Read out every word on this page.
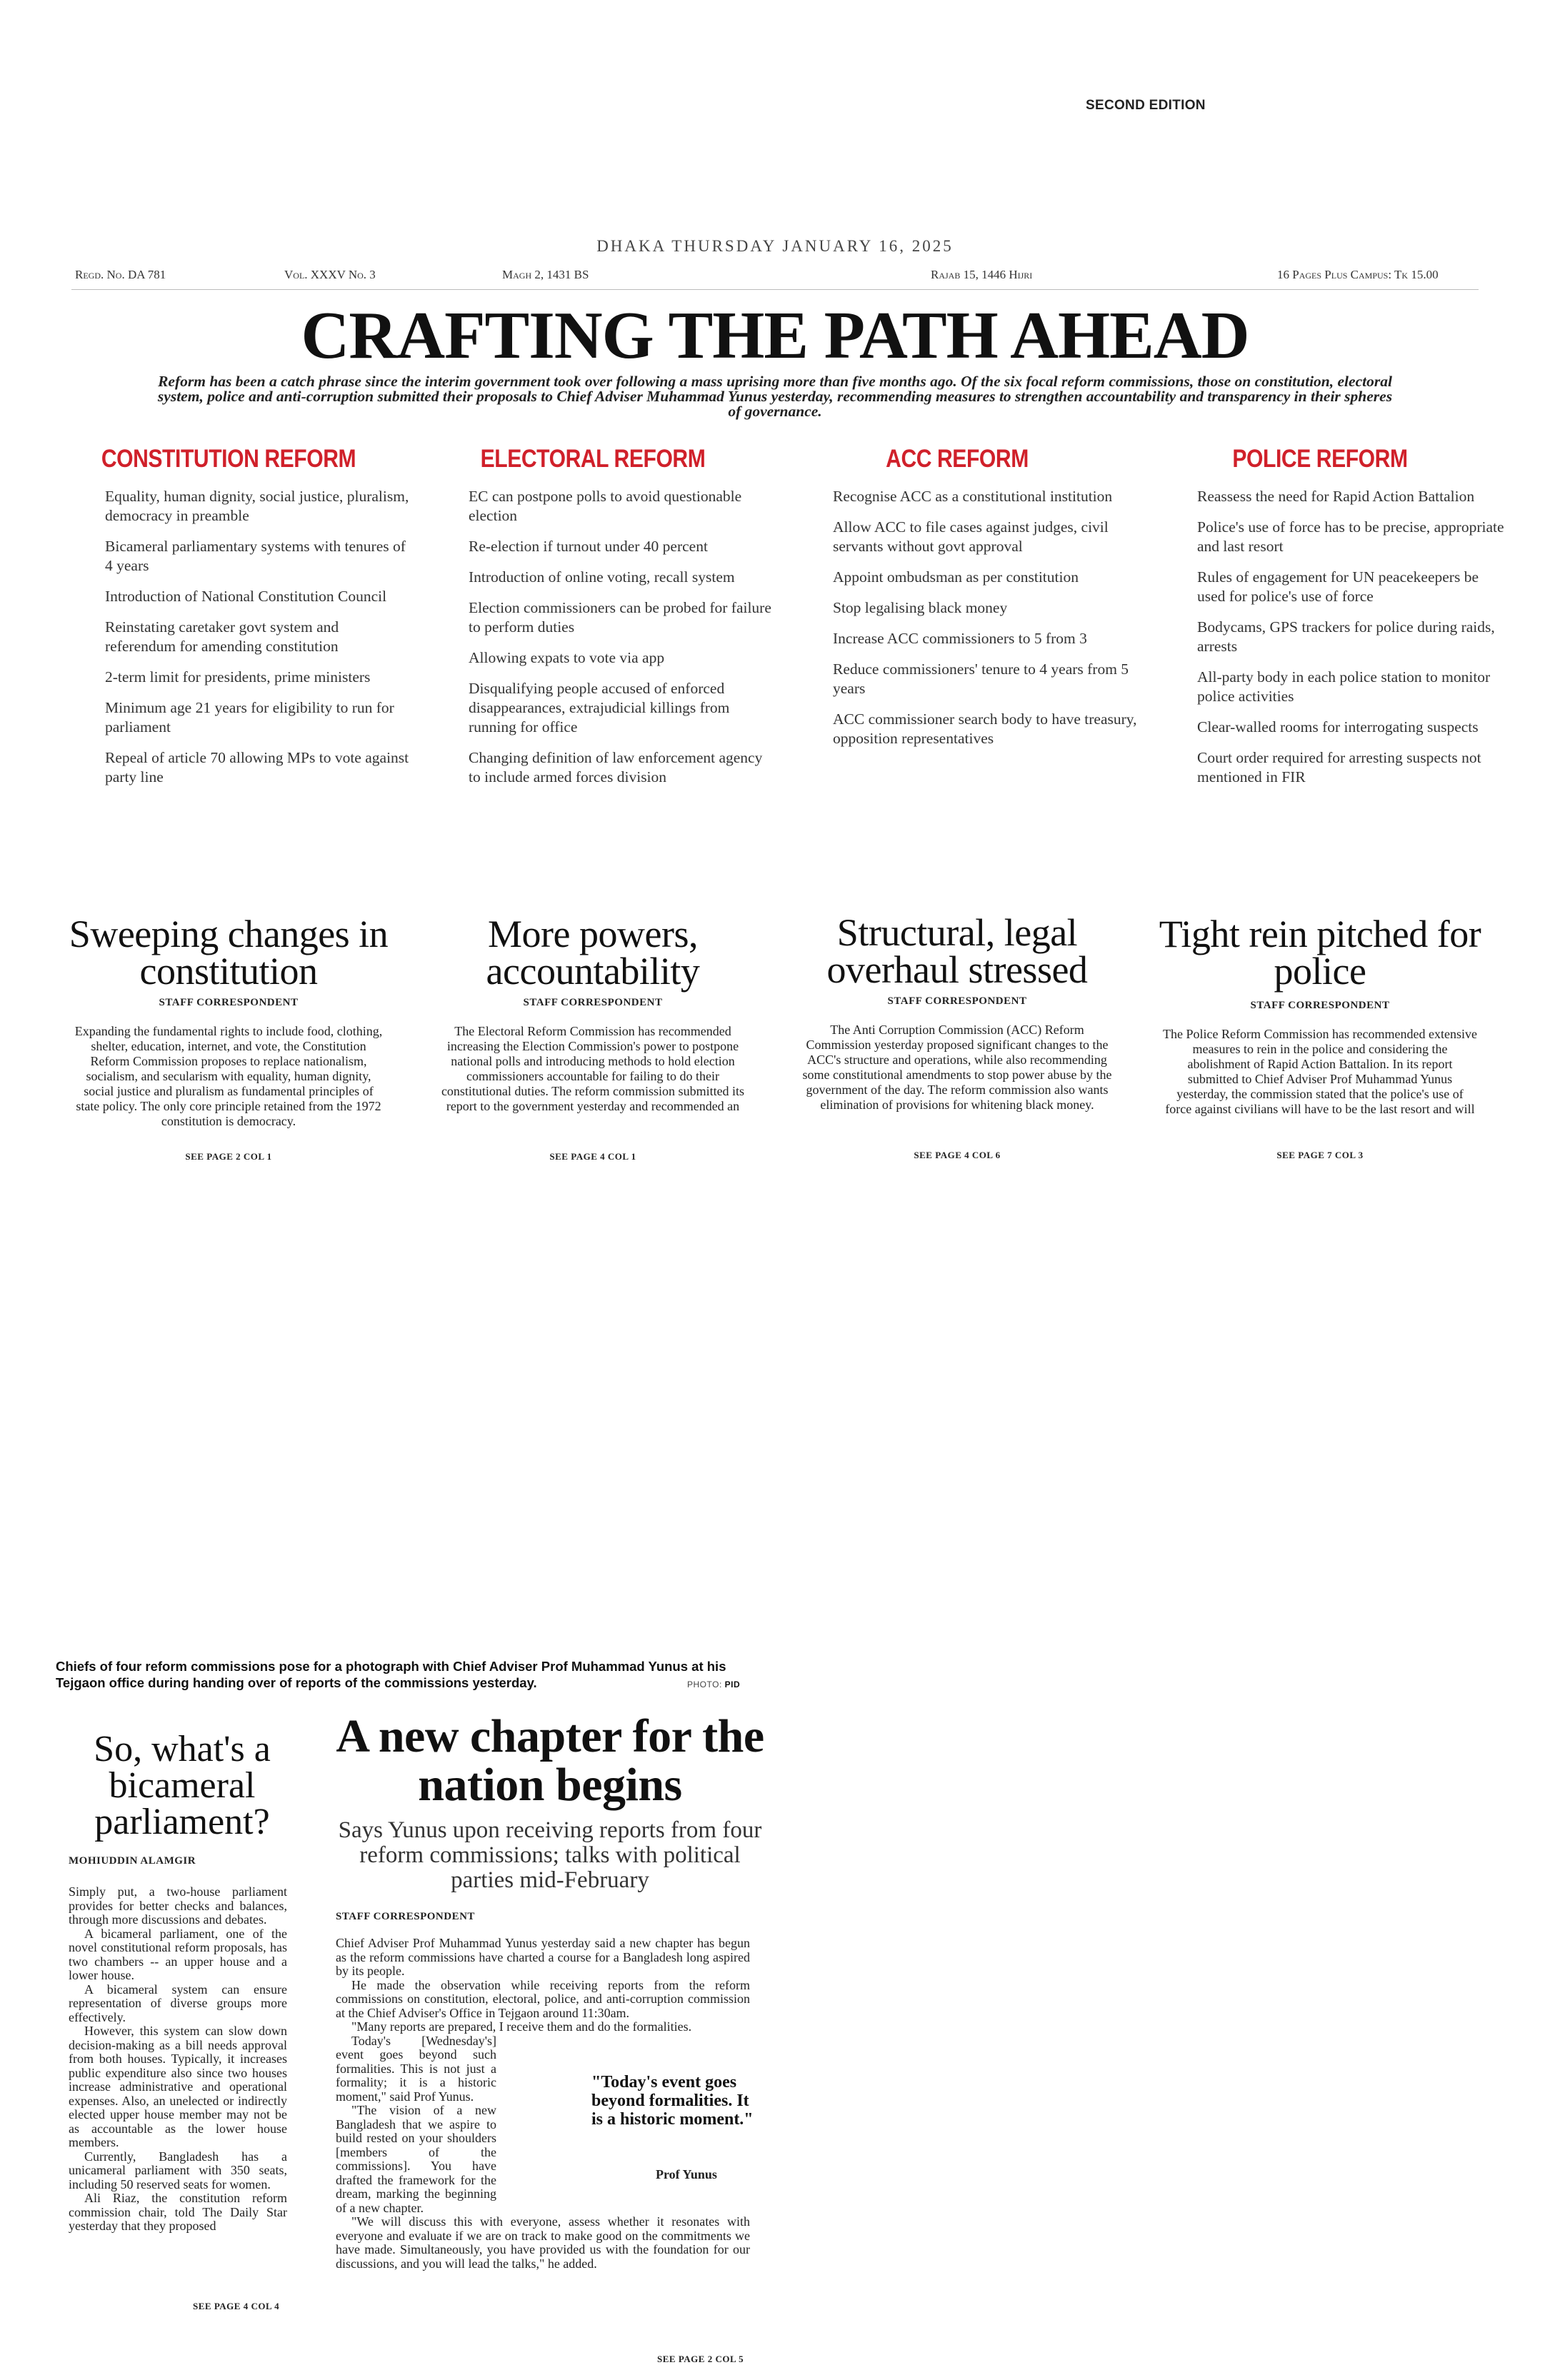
SECOND EDITION
DHAKA THURSDAY JANUARY 16, 2025
Regd. No. DA 781	Vol. XXXV No. 3	Magh 2, 1431 BS	Rajab 15, 1446 Hijri	16 Pages Plus Campus: Tk 15.00
CRAFTING THE PATH AHEAD
Reform has been a catch phrase since the interim government took over following a mass uprising more than five months ago. Of the six focal reform commissions, those on constitution, electoral system, police and anti-corruption submitted their proposals to Chief Adviser Muhammad Yunus yesterday, recommending measures to strengthen accountability and transparency in their spheres of governance.
CONSTITUTION REFORM	ELECTORAL REFORM	ACC REFORM	POLICE REFORM

Equality, human dignity, social justice, pluralism, democracy in preamble

Bicameral parliamentary systems with tenures of 4 years

Introduction of National Constitution Council

Reinstating caretaker govt system and referendum for amending constitution

2-term limit for presidents, prime ministers

Minimum age 21 years for eligibility to run for parliament

Repeal of article 70 allowing MPs to vote against party line

EC can postpone polls to avoid questionable election

Re-election if turnout under 40 percent

Introduction of online voting, recall system

Election commissioners can be probed for failure to perform duties

Allowing expats to vote via app

Disqualifying people accused of enforced disappearances, extrajudicial killings from running for office

Changing definition of law enforcement agency to include armed forces division

Recognise ACC as a constitutional institution

Allow ACC to file cases against judges, civil servants without govt approval

Appoint ombudsman as per constitution

Stop legalising black money

Increase ACC commissioners to 5 from 3

Reduce commissioners' tenure to 4 years from 5 years

ACC commissioner search body to have treasury, opposition representatives

Reassess the need for Rapid Action Battalion

Police's use of force has to be precise, appropriate and last resort

Rules of engagement for UN peacekeepers be used for police's use of force

Bodycams, GPS trackers for police during raids, arrests

All-party body in each police station to monitor police activities

Clear-walled rooms for interrogating suspects

Court order required for arresting suspects not mentioned in FIR

Sweeping changes in constitution
STAFF CORRESPONDENT
Expanding the fundamental rights to include food, clothing, shelter, education, internet, and vote, the Constitution Reform Commission proposes to replace nationalism, socialism, and secularism with equality, human dignity, social justice and pluralism as fundamental principles of state policy. The only core principle retained from the 1972 constitution is democracy.
SEE PAGE 2 COL 1
More powers, accountability
STAFF CORRESPONDENT
The Electoral Reform Commission has recommended increasing the Election Commission's power to postpone national polls and introducing methods to hold election commissioners accountable for failing to do their constitutional duties. The reform commission submitted its report to the government yesterday and recommended an
SEE PAGE 4 COL 1
Structural, legal overhaul stressed
STAFF CORRESPONDENT
The Anti Corruption Commission (ACC) Reform Commission yesterday proposed significant changes to the ACC's structure and operations, while also recommending some constitutional amendments to stop power abuse by the government of the day. The reform commission also wants elimination of provisions for whitening black money.
SEE PAGE 4 COL 6
Tight rein pitched for police
STAFF CORRESPONDENT
The Police Reform Commission has recommended extensive measures to rein in the police and considering the abolishment of Rapid Action Battalion. In its report submitted to Chief Adviser Prof Muhammad Yunus yesterday, the commission stated that the police's use of force against civilians will have to be the last resort and will
SEE PAGE 7 COL 3
Chiefs of four reform commissions pose for a photograph with Chief Adviser Prof Muhammad Yunus at his Tejgaon office during handing over of reports of the commissions yesterday.	PHOTO: PID
So, what's a bicameral parliament?
MOHIUDDIN ALAMGIR

Simply put, a two-house parliament provides for better checks and balances, through more discussions and debates.

A bicameral parliament, one of the novel constitutional reform proposals, has two chambers -- an upper house and a lower house.

A bicameral system can ensure representation of diverse groups more effectively.

However, this system can slow down decision-making as a bill needs approval from both houses. Typically, it increases public expenditure also since two houses increase administrative and operational expenses. Also, an unelected or indirectly elected upper house member may not be as accountable as the lower house members.

Currently, Bangladesh has a unicameral parliament with 350 seats, including 50 reserved seats for women.

Ali Riaz, the constitution reform commission chair, told The Daily Star yesterday that they proposed

SEE PAGE 4 COL 4
A new chapter for the nation begins
Says Yunus upon receiving reports from four reform commissions; talks with political parties mid-February
STAFF CORRESPONDENT

Chief Adviser Prof Muhammad Yunus yesterday said a new chapter has begun as the reform commissions have charted a course for a Bangladesh long aspired by its people.

He made the observation while receiving reports from the reform commissions on constitution, electoral, police, and anti-corruption commission at the Chief Adviser's Office in Tejgaon around 11:30am.

"Many reports are prepared, I receive them and do the formalities.

Today's [Wednesday's] event goes beyond such formalities. This is not just a formality; it is a historic moment," said Prof Yunus.

"The vision of a new Bangladesh that we aspire to build rested on your shoulders [members of the commissions]. You have drafted the framework for the dream, marking the beginning of a new chapter.

"We will discuss this with everyone, assess whether it resonates with everyone and evaluate if we are on track to make good on the commitments we have made. Simultaneously, you have provided us with the foundation for our discussions, and you will lead the talks," he added.

"Today's event goes beyond formalities. It is a historic moment."
Prof Yunus
SEE PAGE 2 COL 5
